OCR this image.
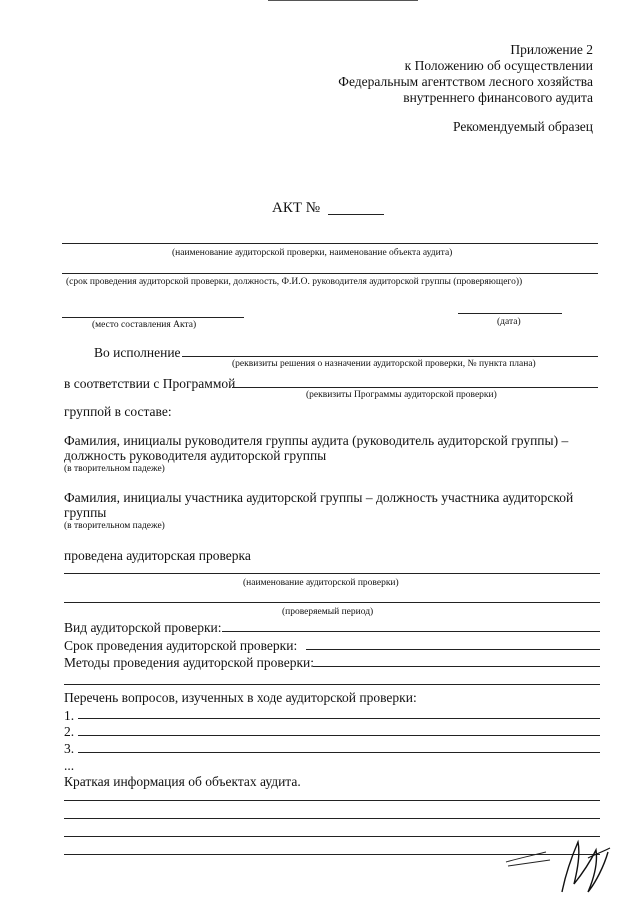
Приложение 2
к Положению об осуществлении
Федеральным агентством лесного хозяйства
внутреннего финансового аудита
Рекомендуемый образец
АКТ №
(наименование аудиторской проверки, наименование объекта аудита)
(срок проведения аудиторской проверки, должность, Ф.И.О. руководителя аудиторской группы (проверяющего))
(место составления Акта)	(дата)
Во исполнение
(реквизиты решения о назначении аудиторской проверки, № пункта плана)
в соответствии с Программой
(реквизиты Программы аудиторской проверки)
группой в составе:
Фамилия, инициалы руководителя группы аудита (руководитель аудиторской группы) –
должность руководителя аудиторской группы
(в творительном падеже)
Фамилия, инициалы участника аудиторской группы – должность участника аудиторской
группы
(в творительном падеже)
проведена аудиторская проверка
(наименование аудиторской проверки)
(проверяемый период)
Вид аудиторской проверки:
Срок проведения аудиторской проверки:
Методы проведения аудиторской проверки:
Перечень вопросов, изученных в ходе аудиторской проверки:
1.
2.
3.
...
Краткая информация об объектах аудита.
